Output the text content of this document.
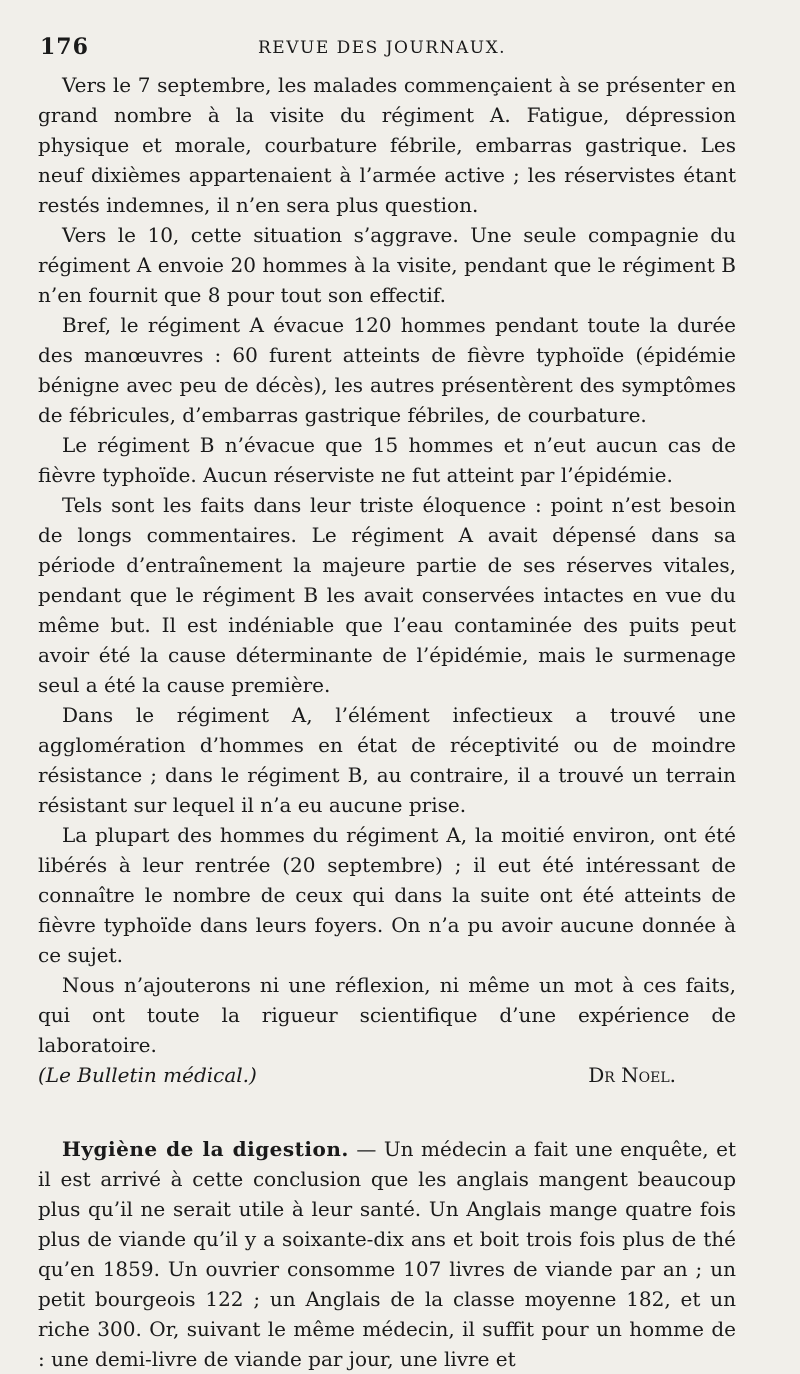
176	REVUE DES JOURNAUX.

Vers le 7 septembre, les malades commençaient à se présenter en grand nombre à la visite du régiment A. Fatigue, dépression physique et morale, courbature fébrile, embarras gastrique. Les neuf dixièmes appartenaient à l’armée active ; les réservistes étant restés indemnes, il n’en sera plus question.

Vers le 10, cette situation s’aggrave. Une seule compagnie du régiment A envoie 20 hommes à la visite, pendant que le régiment B n’en fournit que 8 pour tout son effectif.

Bref, le régiment A évacue 120 hommes pendant toute la durée des manœuvres : 60 furent atteints de fièvre typhoïde (épidémie bénigne avec peu de décès), les autres présentèrent des symptômes de fébricules, d’embarras gastrique fébriles, de courbature.

Le régiment B n’évacue que 15 hommes et n’eut aucun cas de fièvre typhoïde. Aucun réserviste ne fut atteint par l’épidémie.

Tels sont les faits dans leur triste éloquence : point n’est besoin de longs commentaires. Le régiment A avait dépensé dans sa période d’entraînement la majeure partie de ses réserves vitales, pendant que le régiment B les avait conservées intactes en vue du même but. Il est indéniable que l’eau contaminée des puits peut avoir été la cause déterminante de l’épidémie, mais le surmenage seul a été la cause première.

Dans le régiment A, l’élément infectieux a trouvé une agglomération d’hommes en état de réceptivité ou de moindre résistance ; dans le régiment B, au contraire, il a trouvé un terrain résistant sur lequel il n’a eu aucune prise.

La plupart des hommes du régiment A, la moitié environ, ont été libérés à leur rentrée (20 septembre) ; il eut été intéressant de connaître le nombre de ceux qui dans la suite ont été atteints de fièvre typhoïde dans leurs foyers. On n’a pu avoir aucune donnée à ce sujet.

Nous n’ajouterons ni une réflexion, ni même un mot à ces faits, qui ont toute la rigueur scientifique d’une expérience de laboratoire.

(Le Bulletin médical.)	Dr Noel.

Hygiène de la digestion. — Un médecin a fait une enquête, et il est arrivé à cette conclusion que les anglais mangent beaucoup plus qu’il ne serait utile à leur santé. Un Anglais mange quatre fois plus de viande qu’il y a soixante-dix ans et boit trois fois plus de thé qu’en 1859. Un ouvrier consomme 107 livres de viande par an ; un petit bourgeois 122 ; un Anglais de la classe moyenne 182, et un riche 300. Or, suivant le même médecin, il suffit pour un homme de : une demi-livre de viande par jour, une livre et
